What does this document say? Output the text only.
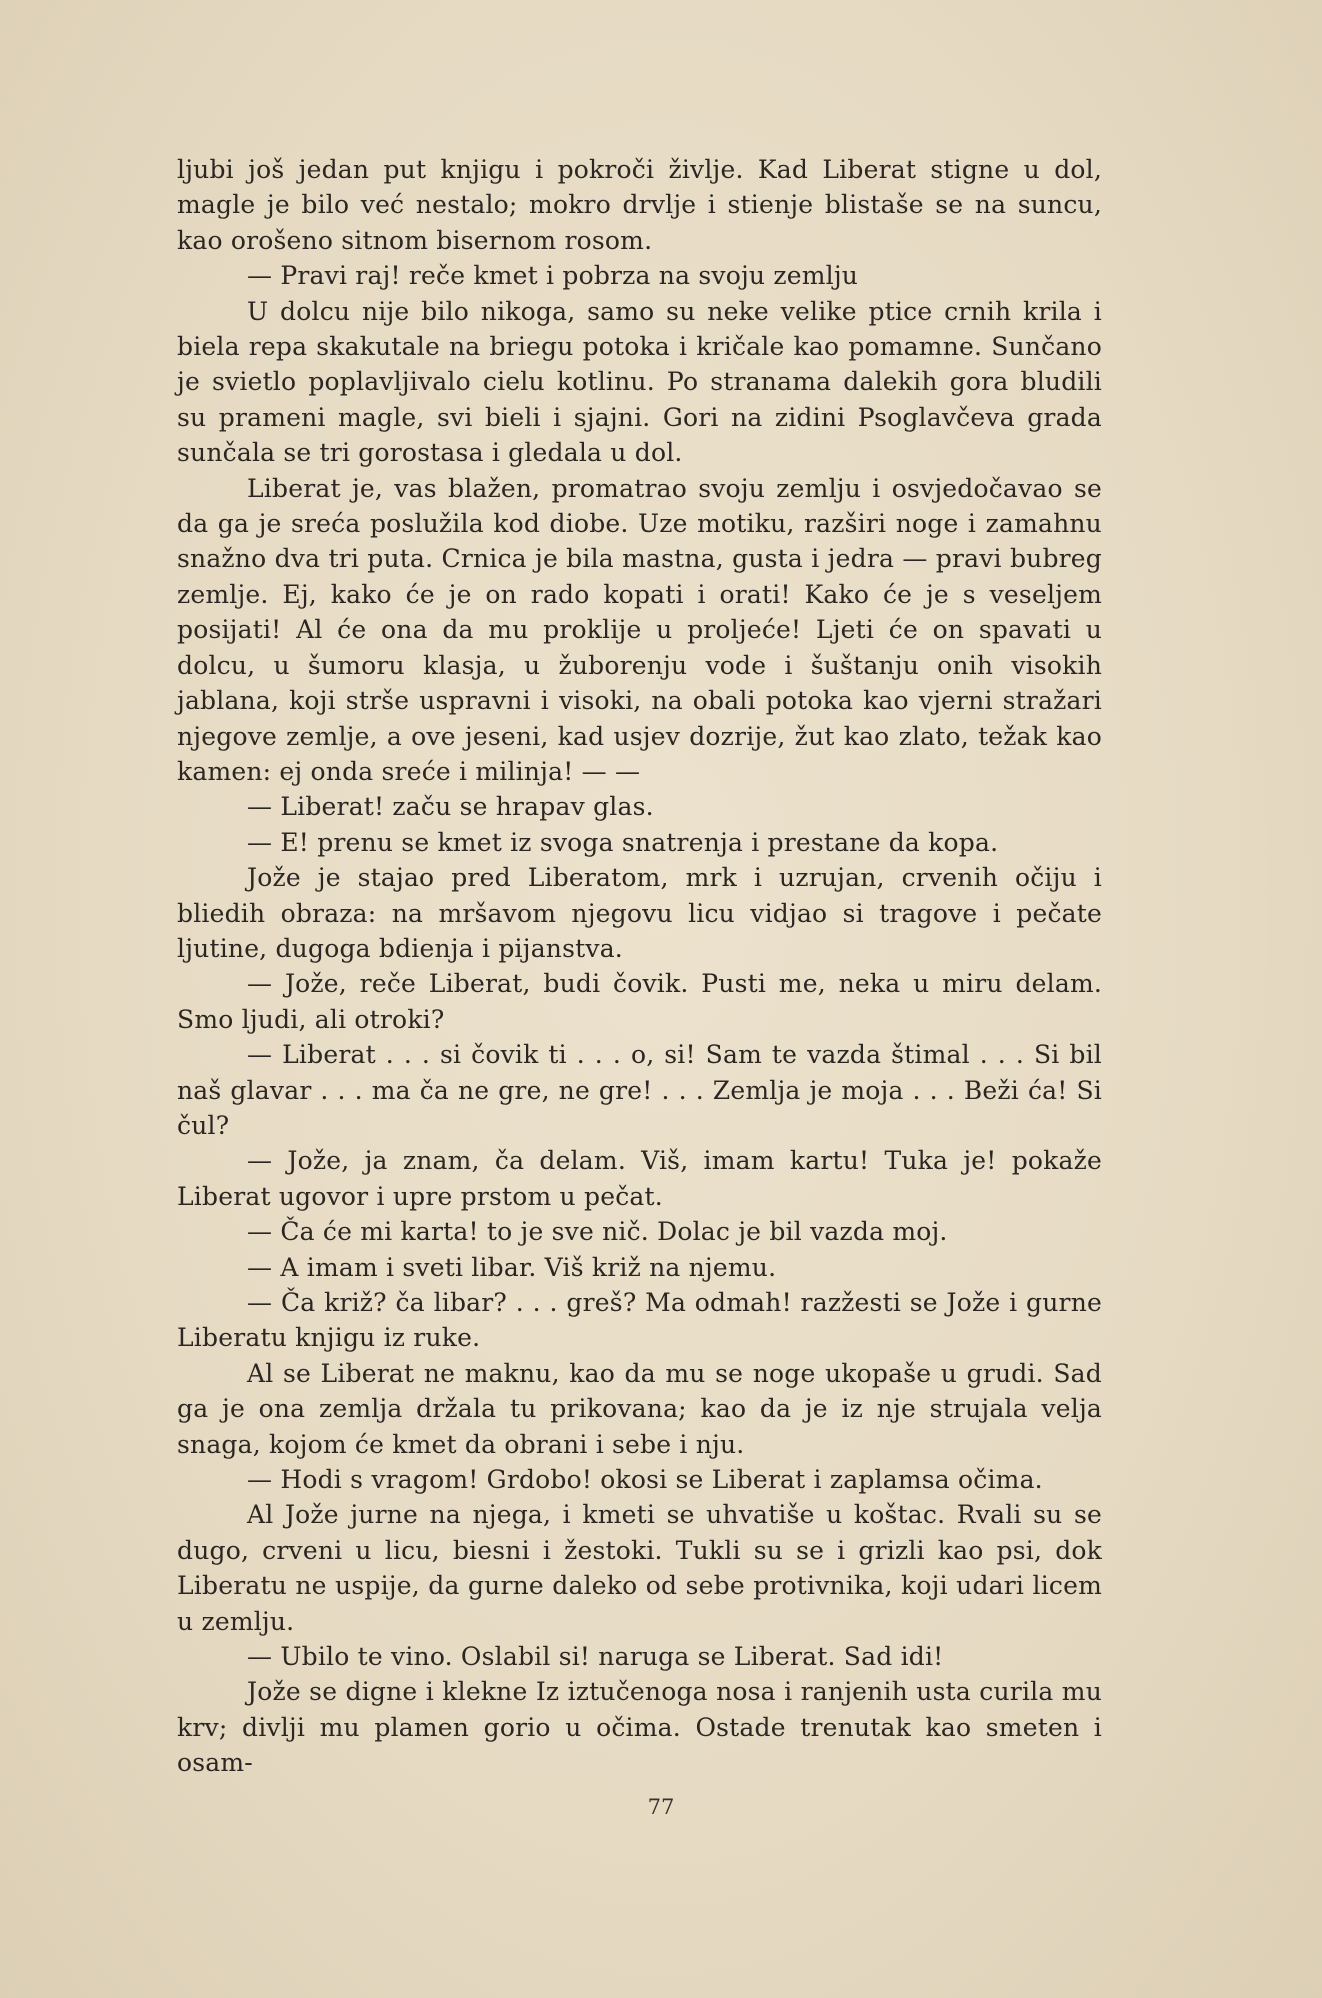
ljubi još jedan put knjigu i pokroči življe. Kad Liberat stigne u dol, magle je bilo već nestalo; mokro drvlje i stienje blistaše se na suncu, kao orošeno sitnom bisernom rosom.

— Pravi raj! reče kmet i pobrza na svoju zemlju

U dolcu nije bilo nikoga, samo su neke velike ptice crnih krila i biela repa skakutale na briegu potoka i kričale kao pomamne. Sunčano je svietlo poplavljivalo cielu kotlinu. Po stranama dalekih gora bludili su prameni magle, svi bieli i sjajni. Gori na zidini Psoglavčeva grada sunčala se tri gorostasa i gledala u dol.

Liberat je, vas blažen, promatrao svoju zemlju i osvjedočavao se da ga je sreća poslužila kod diobe. Uze motiku, razširi noge i zamahnu snažno dva tri puta. Crnica je bila mastna, gusta i jedra — pravi bubreg zemlje. Ej, kako će je on rado kopati i orati! Kako će je s veseljem posijati! Al će ona da mu proklije u proljeće! Ljeti će on spavati u dolcu, u šumoru klasja, u žuborenju vode i šuštanju onih visokih jablana, koji strše uspravni i visoki, na obali potoka kao vjerni stražari njegove zemlje, a ove jeseni, kad usjev dozrije, žut kao zlato, težak kao kamen: ej onda sreće i milinja! — —

— Liberat! začu se hrapav glas.

— E! prenu se kmet iz svoga snatrenja i prestane da kopa.

Jože je stajao pred Liberatom, mrk i uzrujan, crvenih očiju i bliedih obraza: na mršavom njegovu licu vidjao si tragove i pečate ljutine, dugoga bdienja i pijanstva.

— Jože, reče Liberat, budi čovik. Pusti me, neka u miru delam. Smo ljudi, ali otroki?

— Liberat . . . si čovik ti . . . o, si! Sam te vazda štimal . . . Si bil naš glavar . . . ma ča ne gre, ne gre! . . . Zemlja je moja . . . Beži ća! Si čul?

— Jože, ja znam, ča delam. Viš, imam kartu! Tuka je! pokaže Liberat ugovor i upre prstom u pečat.

— Ča će mi karta! to je sve nič. Dolac je bil vazda moj.

— A imam i sveti libar. Viš križ na njemu.

— Ča križ? ča libar? . . . greš? Ma odmah! razžesti se Jože i gurne Liberatu knjigu iz ruke.

Al se Liberat ne maknu, kao da mu se noge ukopaše u grudi. Sad ga je ona zemlja držala tu prikovana; kao da je iz nje strujala velja snaga, kojom će kmet da obrani i sebe i nju.

— Hodi s vragom! Grdobo! okosi se Liberat i zaplamsa očima.

Al Jože jurne na njega, i kmeti se uhvatiše u koštac. Rvali su se dugo, crveni u licu, biesni i žestoki. Tukli su se i grizli kao psi, dok Liberatu ne uspije, da gurne daleko od sebe protivnika, koji udari licem u zemlju.

— Ubilo te vino. Oslabil si! naruga se Liberat. Sad idi!

Jože se digne i klekne Iz iztučenoga nosa i ranjenih usta curila mu krv; divlji mu plamen gorio u očima. Ostade trenutak kao smeten i osam-

77
